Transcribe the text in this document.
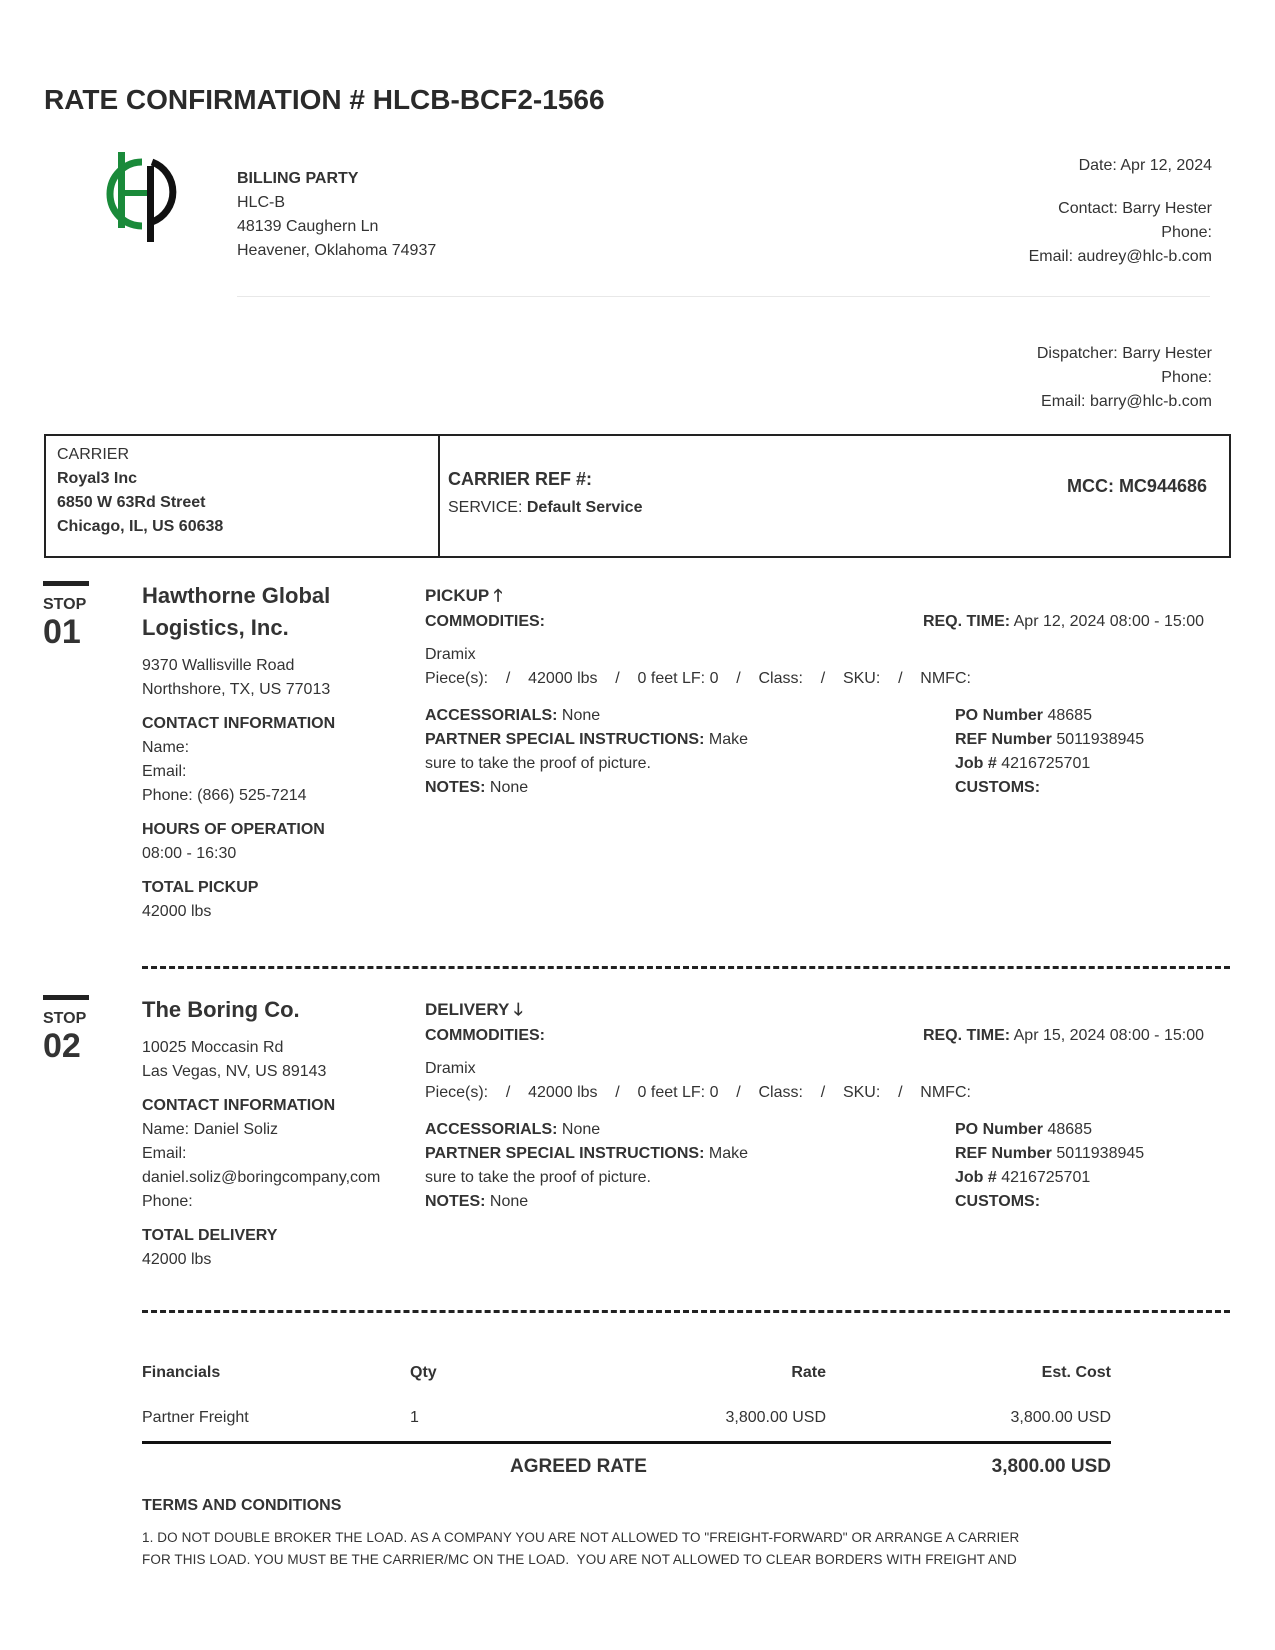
RATE CONFIRMATION # HLCB-BCF2-1566
BILLING PARTY
HLC-B
48139 Caughern Ln
Heavener, Oklahoma 74937
Date: Apr 12, 2024
Contact: Barry Hester
Phone:
Email: audrey@hlc-b.com
Dispatcher: Barry Hester
Phone:
Email: barry@hlc-b.com
CARRIER
Royal3 Inc
6850 W 63Rd Street
Chicago, IL, US 60638
CARRIER REF #:
SERVICE: Default Service
MCC: MC944686
STOP
01
Hawthorne Global
Logistics, Inc.
9370 Wallisville Road
Northshore, TX, US 77013
CONTACT INFORMATION
Name:
Email:
Phone: (866) 525-7214
HOURS OF OPERATION
08:00 - 16:30
TOTAL PICKUP
42000 lbs
PICKUP 🡑
COMMODITIES:	REQ. TIME: Apr 12, 2024 08:00 - 15:00
Dramix
Piece(s):    /    42000 lbs    /    0 feet LF: 0    /    Class:    /    SKU:    /    NMFC:
ACCESSORIALS: None
PARTNER SPECIAL INSTRUCTIONS: Make
sure to take the proof of picture.
NOTES: None
PO Number 48685
REF Number 5011938945
Job # 4216725701
CUSTOMS:
STOP
02
The Boring Co.
10025 Moccasin Rd
Las Vegas, NV, US 89143
CONTACT INFORMATION
Name: Daniel Soliz
Email:
daniel.soliz@boringcompany,com
Phone:
TOTAL DELIVERY
42000 lbs
DELIVERY 🡓
COMMODITIES:	REQ. TIME: Apr 15, 2024 08:00 - 15:00
Dramix
Piece(s):    /    42000 lbs    /    0 feet LF: 0    /    Class:    /    SKU:    /    NMFC:
ACCESSORIALS: None
PARTNER SPECIAL INSTRUCTIONS: Make
sure to take the proof of picture.
NOTES: None
PO Number 48685
REF Number 5011938945
Job # 4216725701
CUSTOMS:
Financials	Qty	Rate	Est. Cost
Partner Freight	1	3,800.00 USD	3,800.00 USD
AGREED RATE	3,800.00 USD
TERMS AND CONDITIONS
1. DO NOT DOUBLE BROKER THE LOAD. AS A COMPANY YOU ARE NOT ALLOWED TO "FREIGHT-FORWARD" OR ARRANGE A CARRIER
FOR THIS LOAD. YOU MUST BE THE CARRIER/MC ON THE LOAD.  YOU ARE NOT ALLOWED TO CLEAR BORDERS WITH FREIGHT AND
